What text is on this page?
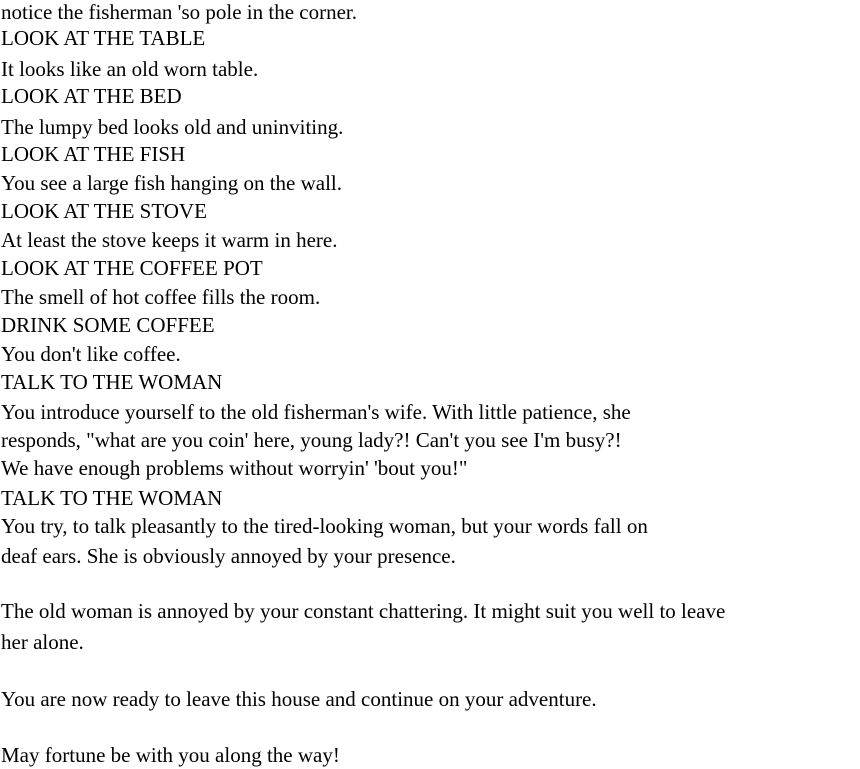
notice the fisherman 'so pole in the corner.
LOOK AT THE TABLE
It looks like an old worn table.
LOOK AT THE BED
The lumpy bed looks old and uninviting.
LOOK AT THE FISH
You see a large fish hanging on the wall.
LOOK AT THE STOVE
At least the stove keeps it warm in here.
LOOK AT THE COFFEE POT
The smell of hot coffee fills the room.
DRINK SOME COFFEE
You don't like coffee.
TALK TO THE WOMAN
You introduce yourself to the old fisherman's wife. With little patience, she
responds, "what are you coin' here, young lady?! Can't you see I'm busy?!
We have enough problems without worryin' 'bout you!"
TALK TO THE WOMAN
You try, to talk pleasantly to the tired-looking woman, but your words fall on
deaf ears. She is obviously annoyed by your presence.
The old woman is annoyed by your constant chattering. It might suit you well to leave
her alone.
You are now ready to leave this house and continue on your adventure.
May fortune be with you along the way!
